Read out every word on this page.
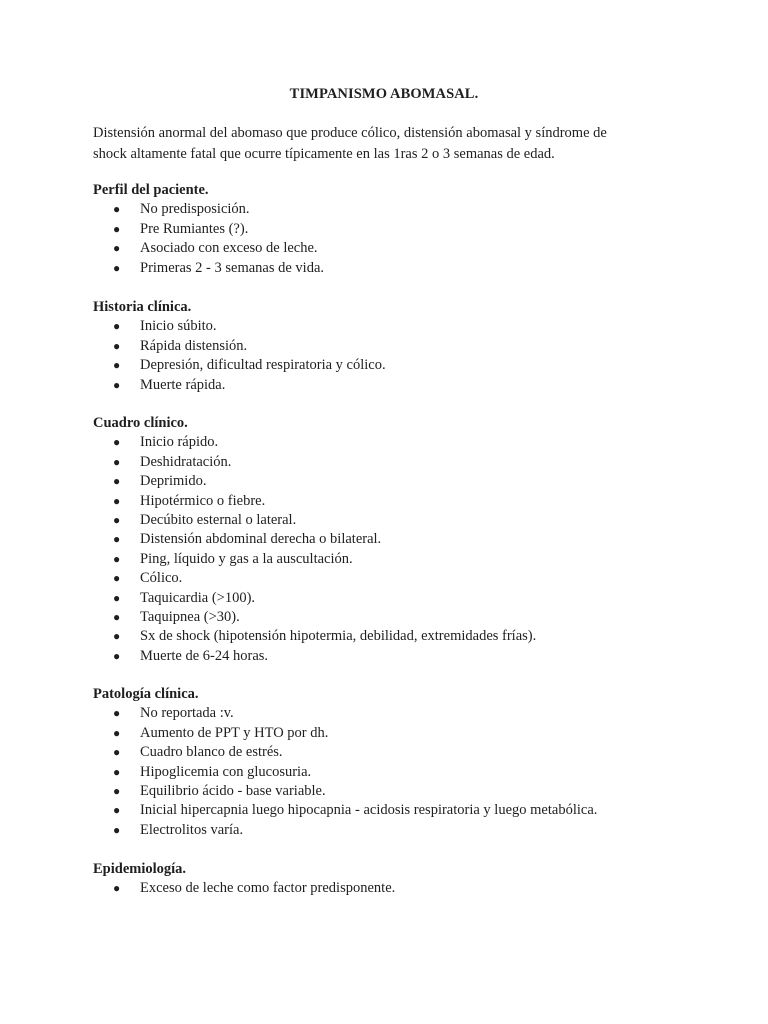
TIMPANISMO ABOMASAL.
Distensión anormal del abomaso que produce cólico, distensión abomasal y síndrome de
shock altamente fatal que ocurre típicamente en las 1ras 2 o 3 semanas de edad.
Perfil del paciente.
● No predisposición.
● Pre Rumiantes (?).
● Asociado con exceso de leche.
● Primeras 2 - 3 semanas de vida.
Historia clínica.
● Inicio súbito.
● Rápida distensión.
● Depresión, dificultad respiratoria y cólico.
● Muerte rápida.
Cuadro clínico.
● Inicio rápido.
● Deshidratación.
● Deprimido.
● Hipotérmico o fiebre.
● Decúbito esternal o lateral.
● Distensión abdominal derecha o bilateral.
● Ping, líquido y gas a la auscultación.
● Cólico.
● Taquicardia (>100).
● Taquipnea (>30).
● Sx de shock (hipotensión hipotermia, debilidad, extremidades frías).
● Muerte de 6-24 horas.
Patología clínica.
● No reportada :v.
● Aumento de PPT y HTO por dh.
● Cuadro blanco de estrés.
● Hipoglicemia con glucosuria.
● Equilibrio ácido - base variable.
● Inicial hipercapnia luego hipocapnia - acidosis respiratoria y luego metabólica.
● Electrolitos varía.
Epidemiología.
● Exceso de leche como factor predisponente.
